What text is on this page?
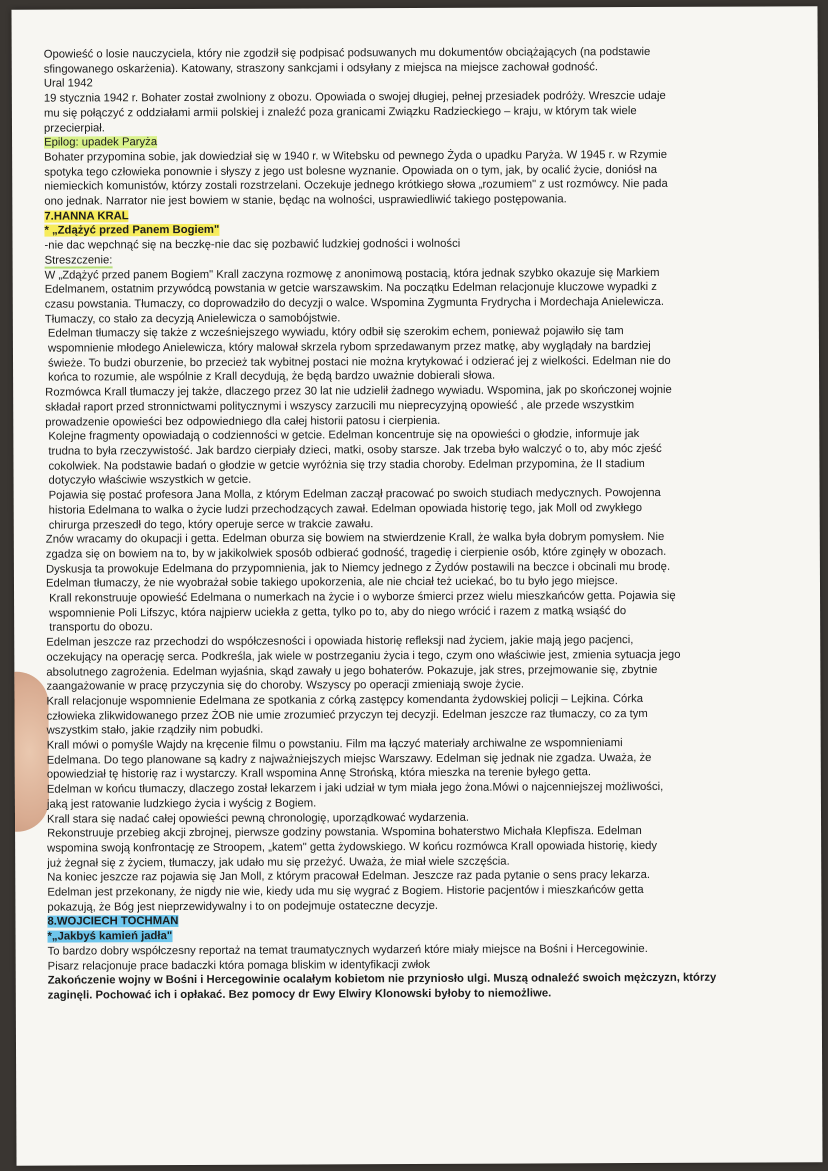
Opowieść o losie nauczyciela, który nie zgodził się podpisać podsuwanych mu dokumentów obciążających (na podstawie

sfingowanego oskarżenia). Katowany, straszony sankcjami i odsyłany z miejsca na miejsce zachował godność.

Ural 1942

19 stycznia 1942 r. Bohater został zwolniony z obozu. Opowiada o swojej długiej, pełnej przesiadek podróży. Wreszcie udaje

mu się połączyć z oddziałami armii polskiej i znaleźć poza granicami Związku Radzieckiego – kraju, w którym tak wiele

przecierpiał.

Epilog: upadek Paryża

Bohater przypomina sobie, jak dowiedział się w 1940 r. w Witebsku od pewnego Żyda o upadku Paryża. W 1945 r. w Rzymie

spotyka tego człowieka ponownie i słyszy z jego ust bolesne wyznanie. Opowiada on o tym, jak, by ocalić życie, doniósł na

niemieckich komunistów, którzy zostali rozstrzelani. Oczekuje jednego krótkiego słowa „rozumiem" z ust rozmówcy. Nie pada

ono jednak. Narrator nie jest bowiem w stanie, będąc na wolności, usprawiedliwić takiego postępowania.

7.HANNA KRAL

* „Zdążyć przed Panem Bogiem"

-nie dac wepchnąć się na beczkę-nie dac się pozbawić ludzkiej godności i wolności

Streszczenie:

W „Zdążyć przed panem Bogiem" Krall zaczyna rozmowę z anonimową postacią, która jednak szybko okazuje się Markiem

Edelmanem, ostatnim przywódcą powstania w getcie warszawskim. Na początku Edelman relacjonuje kluczowe wypadki z

czasu powstania. Tłumaczy, co doprowadziło do decyzji o walce. Wspomina Zygmunta Frydrycha i Mordechaja Anielewicza.

Tłumaczy, co stało za decyzją Anielewicza o samobójstwie.

Edelman tłumaczy się także z wcześniejszego wywiadu, który odbił się szerokim echem, ponieważ pojawiło się tam

wspomnienie młodego Anielewicza, który malował skrzela rybom sprzedawanym przez matkę, aby wyglądały na bardziej

świeże. To budzi oburzenie, bo przecież tak wybitnej postaci nie można krytykować i odzierać jej z wielkości. Edelman nie do

końca to rozumie, ale wspólnie z Krall decydują, że będą bardzo uważnie dobierali słowa.

Rozmówca Krall tłumaczy jej także, dlaczego przez 30 lat nie udzielił żadnego wywiadu. Wspomina, jak po skończonej wojnie

składał raport przed stronnictwami politycznymi i wszyscy zarzucili mu nieprecyzyjną opowieść , ale przede wszystkim

prowadzenie opowieści bez odpowiedniego dla całej historii patosu i cierpienia.

Kolejne fragmenty opowiadają o codzienności w getcie. Edelman koncentruje się na opowieści o głodzie, informuje jak

trudna to była rzeczywistość. Jak bardzo cierpiały dzieci, matki, osoby starsze. Jak trzeba było walczyć o to, aby móc zjeść

cokolwiek. Na podstawie badań o głodzie w getcie wyróżnia się trzy stadia choroby. Edelman przypomina, że II stadium

dotyczyło właściwie wszystkich w getcie.

Pojawia się postać profesora Jana Molla, z którym Edelman zaczął pracować po swoich studiach medycznych. Powojenna

historia Edelmana to walka o życie ludzi przechodzących zawał. Edelman opowiada historię tego, jak Moll od zwykłego

chirurga przeszedł do tego, który operuje serce w trakcie zawału.

Znów wracamy do okupacji i getta. Edelman oburza się bowiem na stwierdzenie Krall, że walka była dobrym pomysłem. Nie

zgadza się on bowiem na to, by w jakikolwiek sposób odbierać godność, tragedię i cierpienie osób, które zginęły w obozach.

Dyskusja ta prowokuje Edelmana do przypomnienia, jak to Niemcy jednego z Żydów postawili na beczce i obcinali mu brodę.

Edelman tłumaczy, że nie wyobrażał sobie takiego upokorzenia, ale nie chciał też uciekać, bo tu było jego miejsce.

Krall rekonstruuje opowieść Edelmana o numerkach na życie i o wyborze śmierci przez wielu mieszkańców getta. Pojawia się

wspomnienie Poli Lifszyc, która najpierw uciekła z getta, tylko po to, aby do niego wrócić i razem z matką wsiąść do

transportu do obozu.

Edelman jeszcze raz przechodzi do współczesności i opowiada historię refleksji nad życiem, jakie mają jego pacjenci,

oczekujący na operację serca. Podkreśla, jak wiele w postrzeganiu życia i tego, czym ono właściwie jest, zmienia sytuacja jego

absolutnego zagrożenia. Edelman wyjaśnia, skąd zawały u jego bohaterów. Pokazuje, jak stres, przejmowanie się, zbytnie

zaangażowanie w pracę przyczynia się do choroby. Wszyscy po operacji zmieniają swoje życie.

Krall relacjonuje wspomnienie Edelmana ze spotkania z córką zastępcy komendanta żydowskiej policji – Lejkina. Córka

człowieka zlikwidowanego przez ŻOB nie umie zrozumieć przyczyn tej decyzji. Edelman jeszcze raz tłumaczy, co za tym

wszystkim stało, jakie rządziły nim pobudki.

Krall mówi o pomyśle Wajdy na kręcenie filmu o powstaniu. Film ma łączyć materiały archiwalne ze wspomnieniami

Edelmana. Do tego planowane są kadry z najważniejszych miejsc Warszawy. Edelman się jednak nie zgadza. Uważa, że

opowiedział tę historię raz i wystarczy. Krall wspomina Annę Strońską, która mieszka na terenie byłego getta.

Edelman w końcu tłumaczy, dlaczego został lekarzem i jaki udział w tym miała jego żona.Mówi o najcenniejszej możliwości,

jaką jest ratowanie ludzkiego życia i wyścig z Bogiem.

Krall stara się nadać całej opowieści pewną chronologię, uporządkować wydarzenia.

Rekonstruuje przebieg akcji zbrojnej, pierwsze godziny powstania. Wspomina bohaterstwo Michała Klepfisza. Edelman

wspomina swoją konfrontację ze Stroopem, „katem" getta żydowskiego. W końcu rozmówca Krall opowiada historię, kiedy

już żegnał się z życiem, tłumaczy, jak udało mu się przeżyć. Uważa, że miał wiele szczęścia.

Na koniec jeszcze raz pojawia się Jan Moll, z którym pracował Edelman. Jeszcze raz pada pytanie o sens pracy lekarza.

Edelman jest przekonany, że nigdy nie wie, kiedy uda mu się wygrać z Bogiem. Historie pacjentów i mieszkańców getta

pokazują, że Bóg jest nieprzewidywalny i to on podejmuje ostateczne decyzje.

8.WOJCIECH TOCHMAN

*„Jakbyś kamień jadła"

To bardzo dobry współczesny reportaż na temat traumatycznych wydarzeń które miały miejsce na Bośni i Hercegowinie.

Pisarz relacjonuje prace badaczki która pomaga bliskim w identyfikacji zwłok

Zakończenie wojny w Bośni i Hercegowinie ocalałym kobietom nie przyniosło ulgi. Muszą odnaleźć swoich mężczyzn, którzy

zaginęli. Pochować ich i opłakać. Bez pomocy dr Ewy Elwiry Klonowski byłoby to niemożliwe.
